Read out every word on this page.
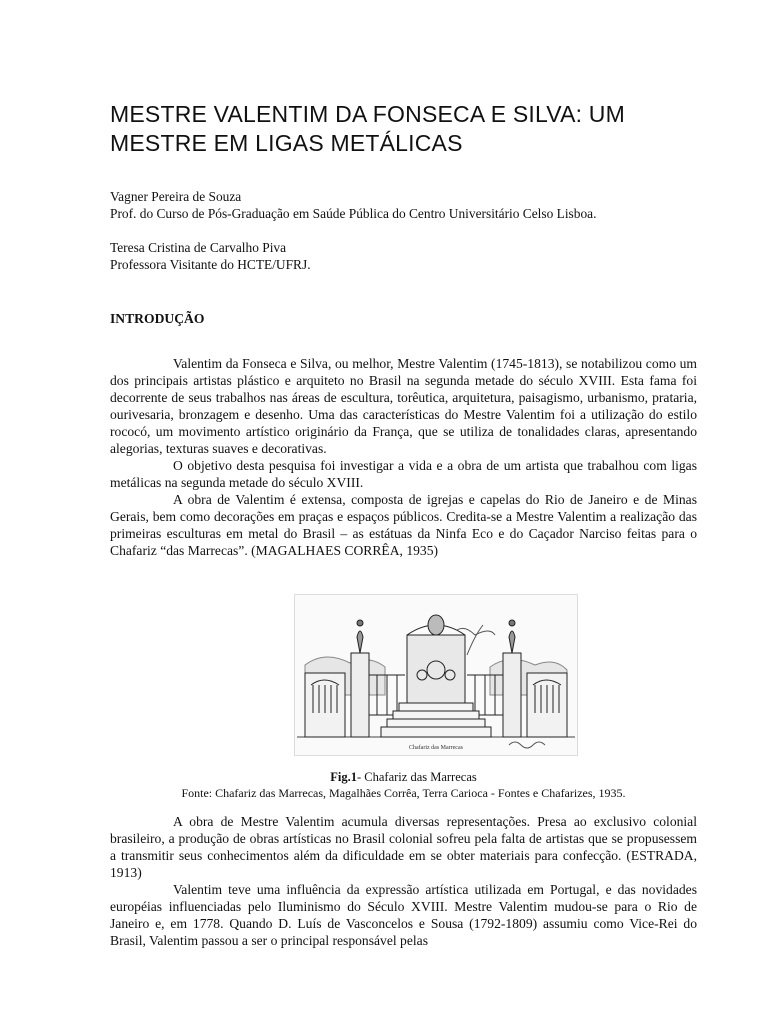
MESTRE VALENTIM DA FONSECA E SILVA: UM MESTRE EM LIGAS METÁLICAS
Vagner Pereira de Souza
Prof. do Curso de Pós-Graduação em Saúde Pública do Centro Universitário Celso Lisboa.
Teresa Cristina de Carvalho Piva
Professora Visitante do HCTE/UFRJ.
INTRODUÇÃO

Valentim da Fonseca e Silva, ou melhor, Mestre Valentim (1745-1813), se notabilizou como um dos principais artistas plástico e arquiteto no Brasil na segunda metade do século XVIII. Esta fama foi decorrente de seus trabalhos nas áreas de escultura, torêutica, arquitetura, paisagismo, urbanismo, prataria, ourivesaria, bronzagem e desenho. Uma das características do Mestre Valentim foi a utilização do estilo rococó, um movimento artístico originário da França, que se utiliza de tonalidades claras, apresentando alegorias, texturas suaves e decorativas.

O objetivo desta pesquisa foi investigar a vida e a obra de um artista que trabalhou com ligas metálicas na segunda metade do século XVIII.

A obra de Valentim é extensa, composta de igrejas e capelas do Rio de Janeiro e de Minas Gerais, bem como decorações em praças e espaços públicos. Credita-se a Mestre Valentim a realização das primeiras esculturas em metal do Brasil – as estátuas da Ninfa Eco e do Caçador Narciso feitas para o Chafariz “das Marrecas”. (MAGALHAES CORRÊA, 1935)

Chafariz das Marrecas
Fig.1- Chafariz das Marrecas
Fonte: Chafariz das Marrecas, Magalhães Corrêa, Terra Carioca - Fontes e Chafarizes, 1935.

A obra de Mestre Valentim acumula diversas representações. Presa ao exclusivo colonial brasileiro, a produção de obras artísticas no Brasil colonial sofreu pela falta de artistas que se propusessem a transmitir seus conhecimentos além da dificuldade em se obter materiais para confecção. (ESTRADA, 1913)

Valentim teve uma influência da expressão artística utilizada em Portugal, e das novidades européias influenciadas pelo Iluminismo do Século XVIII. Mestre Valentim mudou-se para o Rio de Janeiro e, em 1778. Quando D. Luís de Vasconcelos e Sousa (1792-1809) assumiu como Vice-Rei do Brasil, Valentim passou a ser o principal responsável pelas
